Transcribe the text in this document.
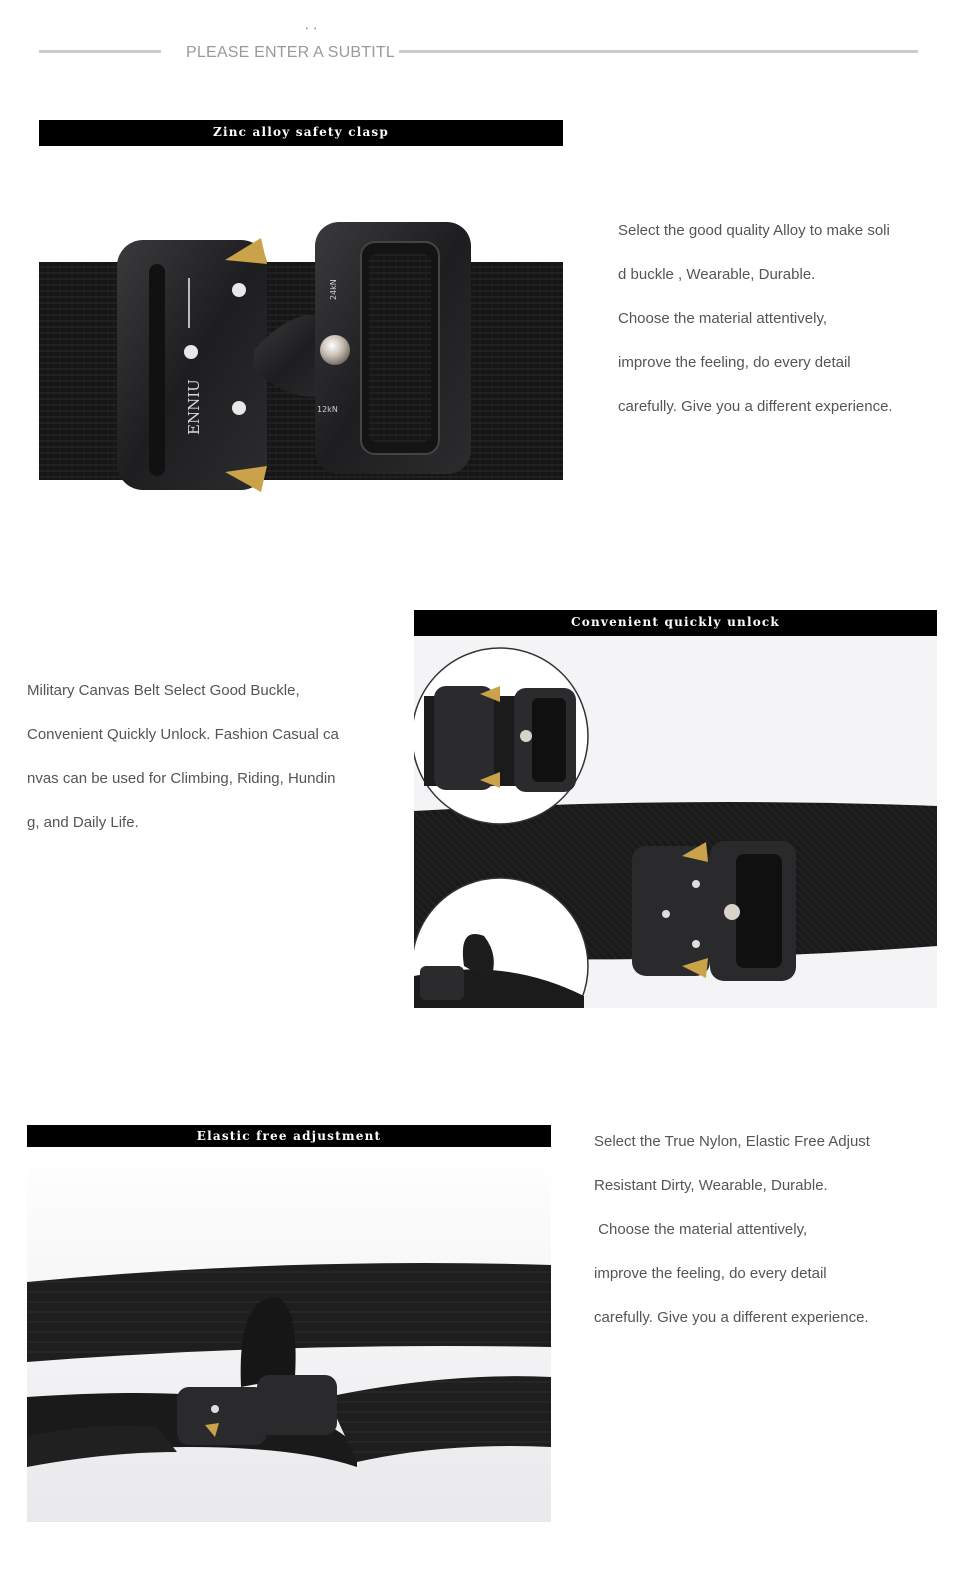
' '
PLEASE ENTER A SUBTITL
Zinc alloy safety clasp
ENNIU
24kN
12kN

Select the good quality Alloy to make soli

d buckle , Wearable, Durable.

Choose the material attentively,

improve the feeling, do every detail

carefully. Give you a different experience.

Military Canvas Belt Select Good Buckle,

Convenient Quickly Unlock. Fashion Casual ca

nvas can be used for Climbing, Riding, Hundin

g, and Daily Life.

Convenient quickly unlock
Elastic free adjustment	Select the True Nylon, Elastic Free Adjust

Resistant Dirty, Wearable, Durable.

Choose the material attentively,

improve the feeling, do every detail

carefully. Give you a different experience.
